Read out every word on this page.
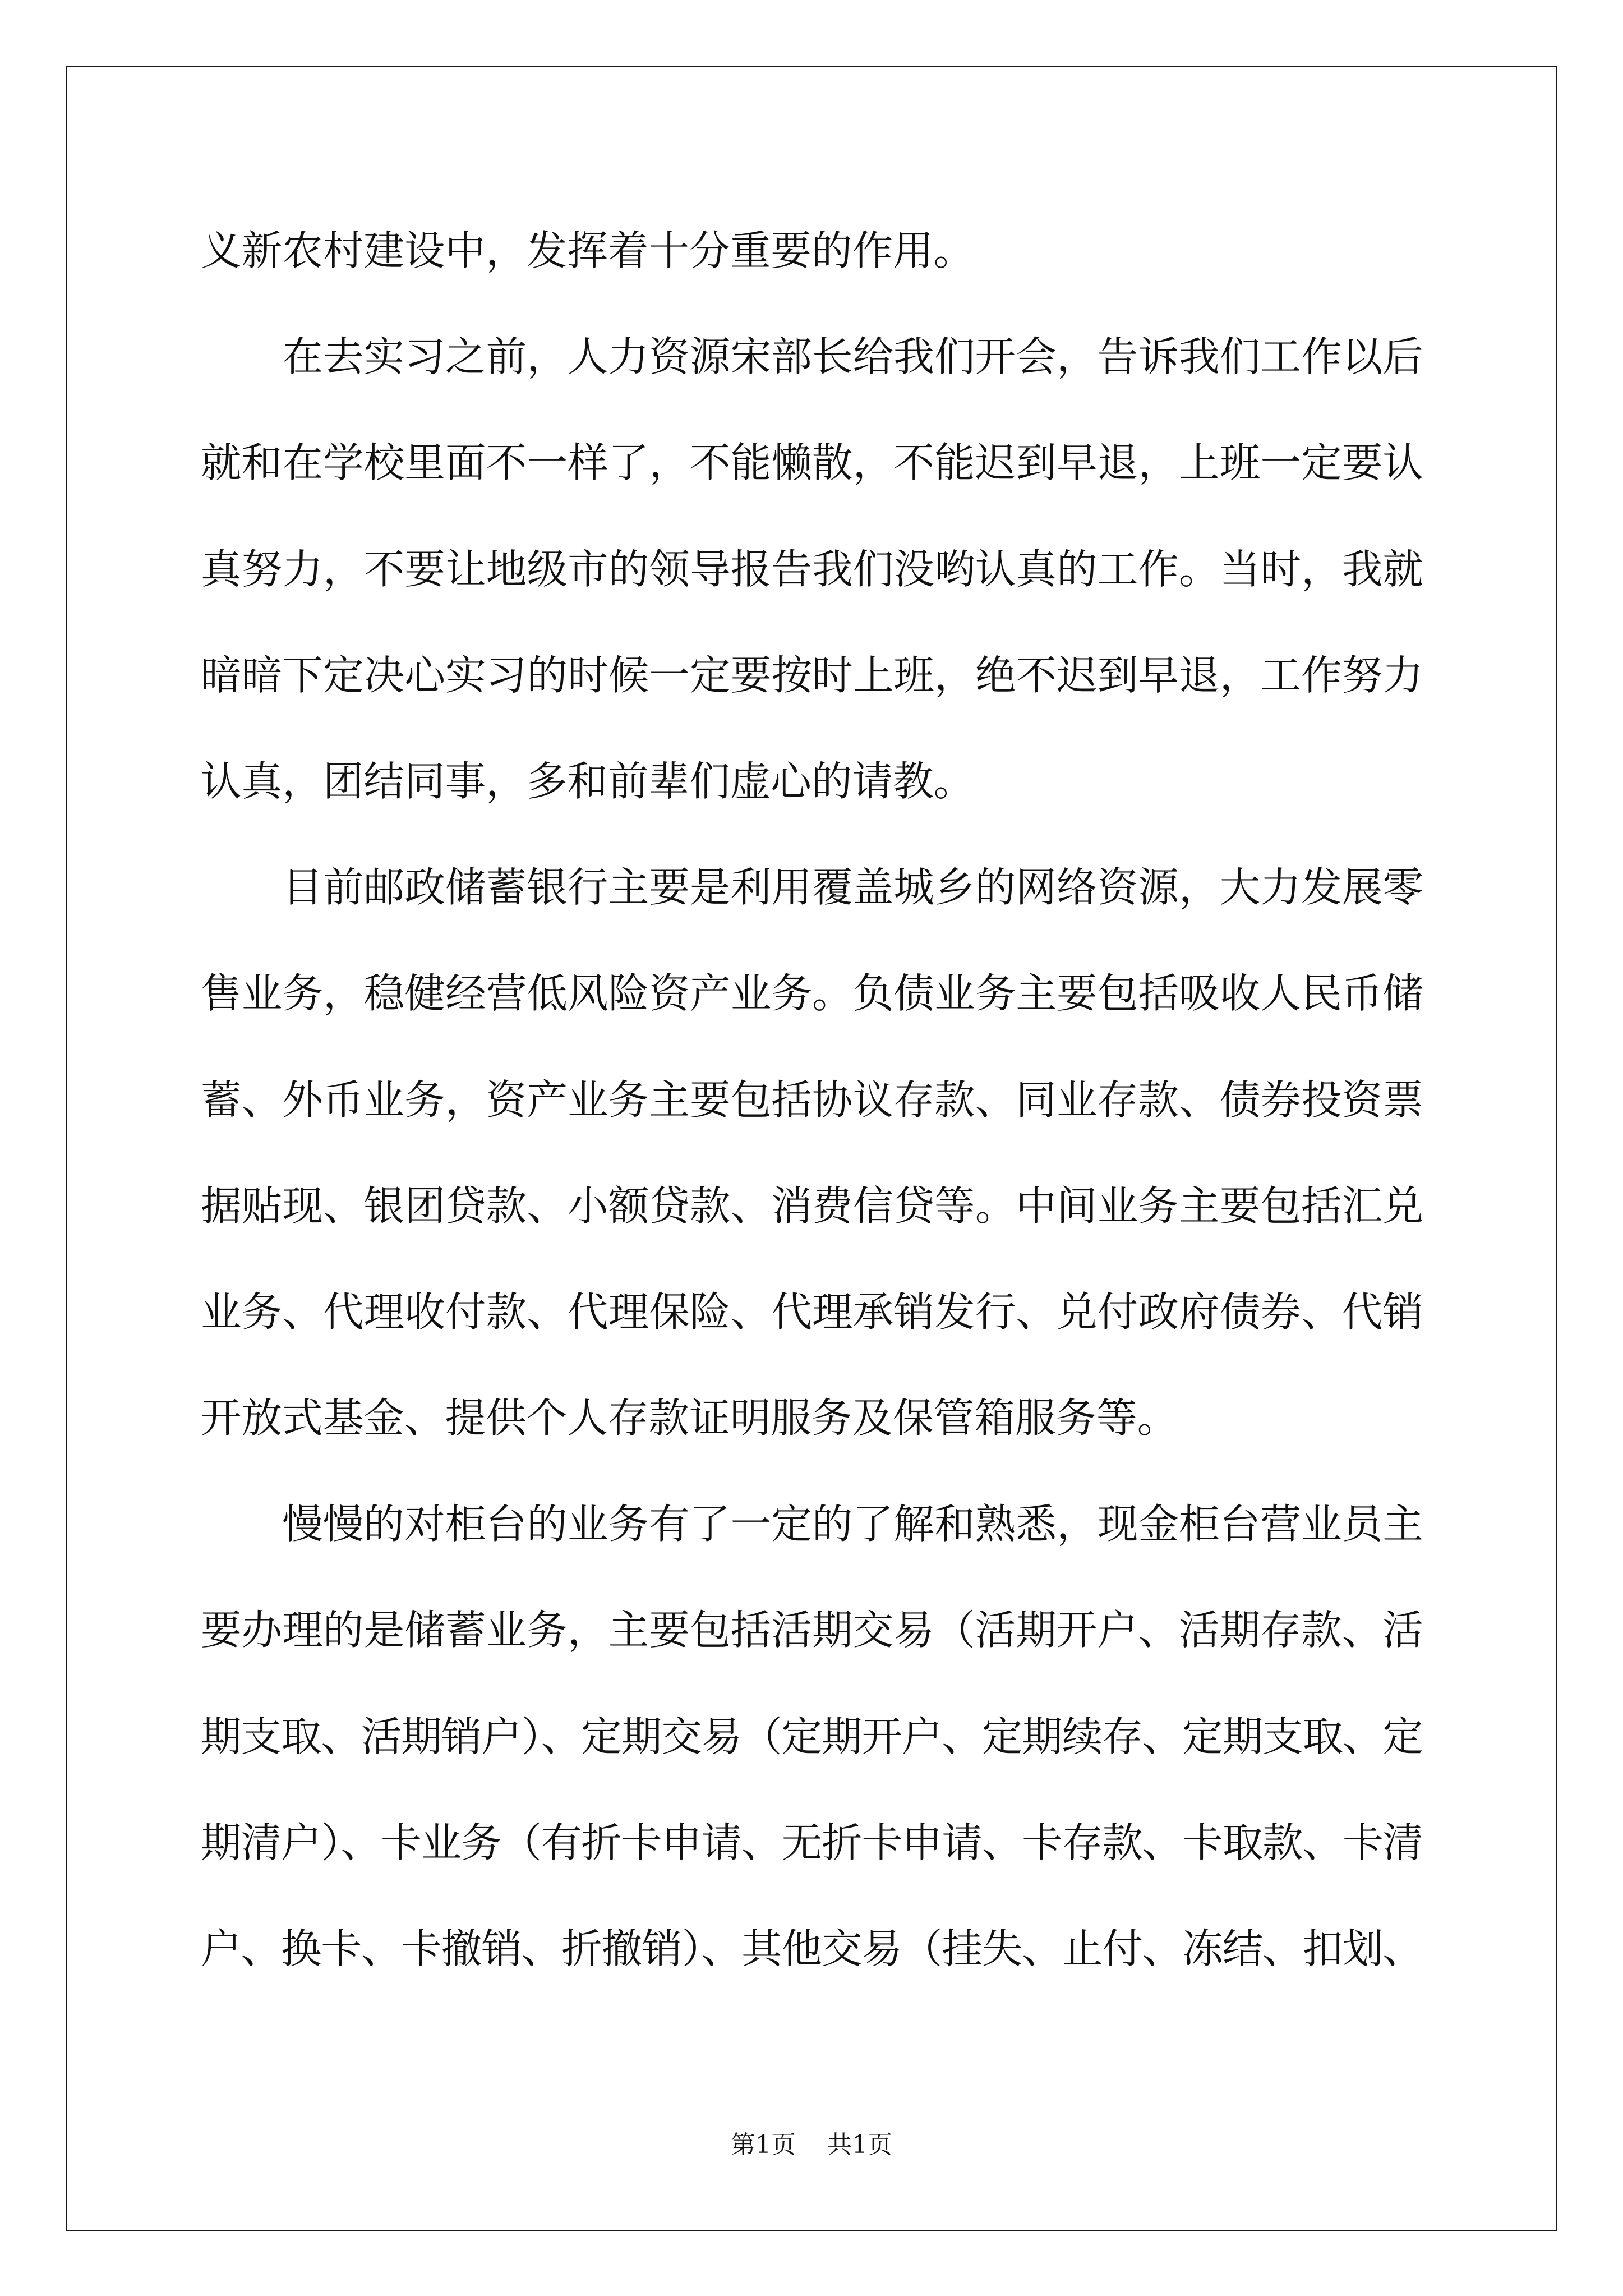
义新农村建设中，发挥着十分重要的作用。
在去实习之前，人力资源宋部长给我们开会，告诉我们工作以后
就和在学校里面不一样了，不能懒散，不能迟到早退，上班一定要认
真努力，不要让地级市的领导报告我们没哟认真的工作。当时，我就
暗暗下定决心实习的时候一定要按时上班，绝不迟到早退，工作努力
认真，团结同事，多和前辈们虚心的请教。
目前邮政储蓄银行主要是利用覆盖城乡的网络资源，大力发展零
售业务，稳健经营低风险资产业务。负债业务主要包括吸收人民币储
蓄、外币业务，资产业务主要包括协议存款、同业存款、债券投资票
据贴现、银团贷款、小额贷款、消费信贷等。中间业务主要包括汇兑
业务、代理收付款、代理保险、代理承销发行、兑付政府债券、代销
开放式基金、提供个人存款证明服务及保管箱服务等。
慢慢的对柜台的业务有了一定的了解和熟悉，现金柜台营业员主
要办理的是储蓄业务，主要包括活期交易（活期开户、活期存款、活
期支取、活期销户）、定期交易（定期开户、定期续存、定期支取、定
期清户）、卡业务（有折卡申请、无折卡申请、卡存款、卡取款、卡清
户、换卡、卡撤销、折撤销）、其他交易（挂失、止付、冻结、扣划、
第1页 共1页
